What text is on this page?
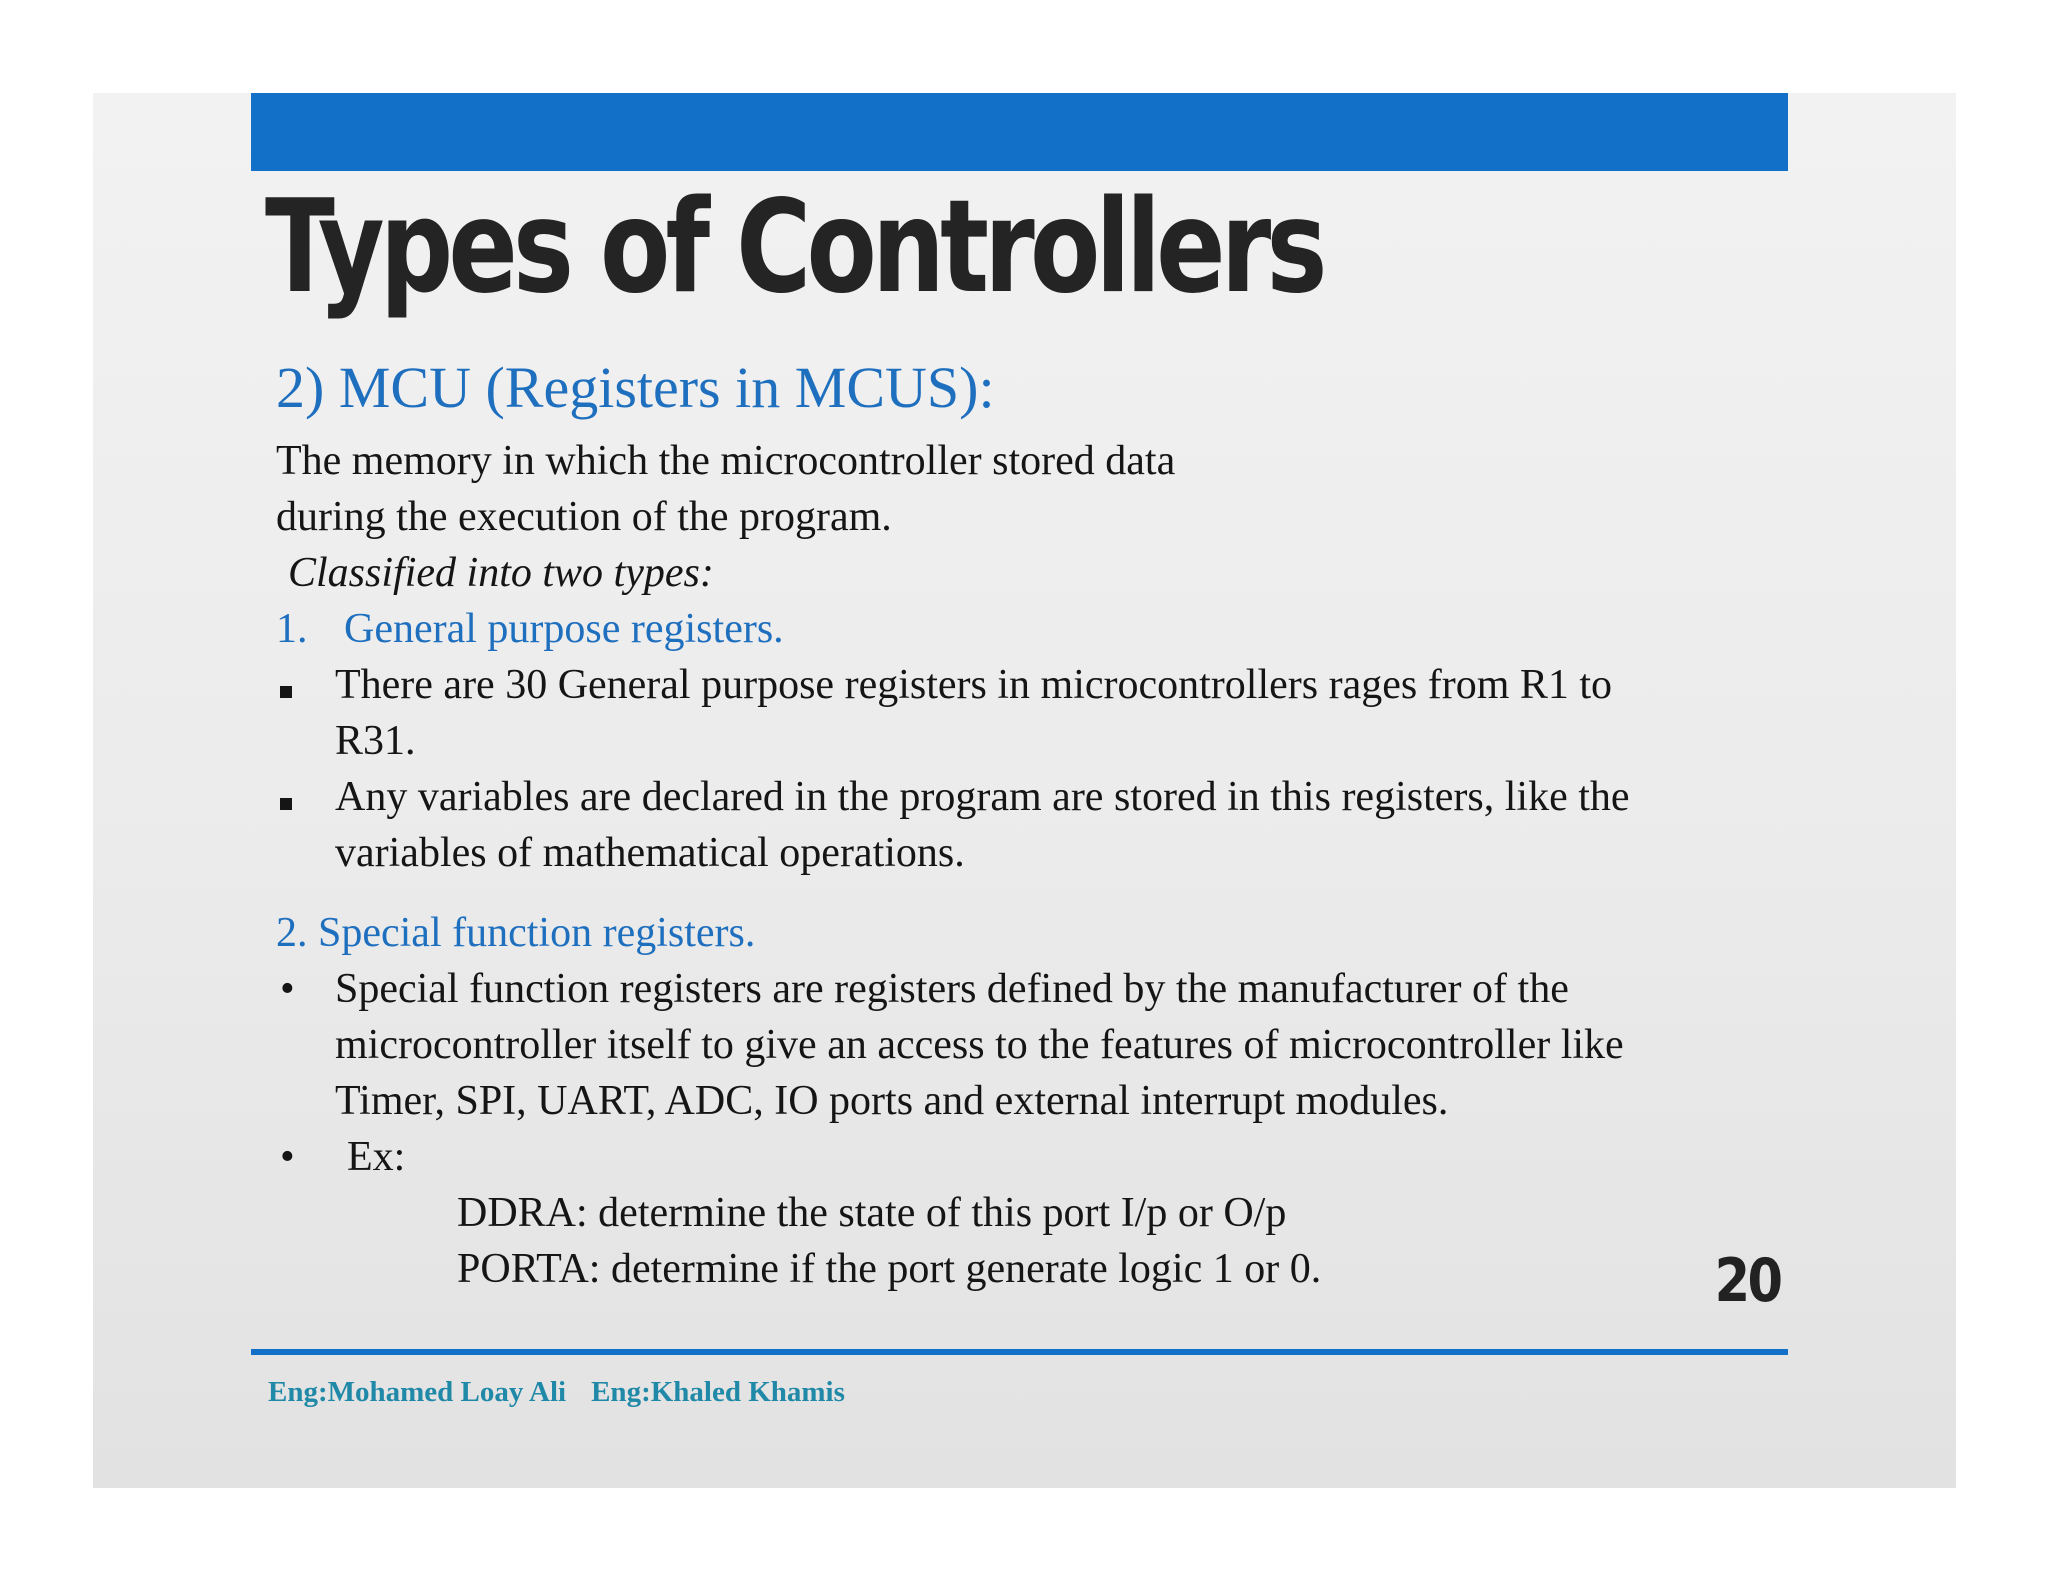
Types of Controllers
2) MCU (Registers in MCUS):
The memory in which the microcontroller stored data
during the execution of the program.
Classified into two types:
1. General purpose registers.
There are 30 General purpose registers in microcontrollers rages from R1 to
R31.
Any variables are declared in the program are stored in this registers, like the
variables of mathematical operations.
2. Special function registers.
• Special function registers are registers defined by the manufacturer of the
microcontroller itself to give an access to the features of microcontroller like
Timer, SPI, UART, ADC, IO ports and external interrupt modules.
•	Ex:
DDRA: determine the state of this port I/p or O/p
PORTA: determine if the port generate logic 1 or 0.	20
Eng:Mohamed Loay Ali Eng:Khaled Khamis
